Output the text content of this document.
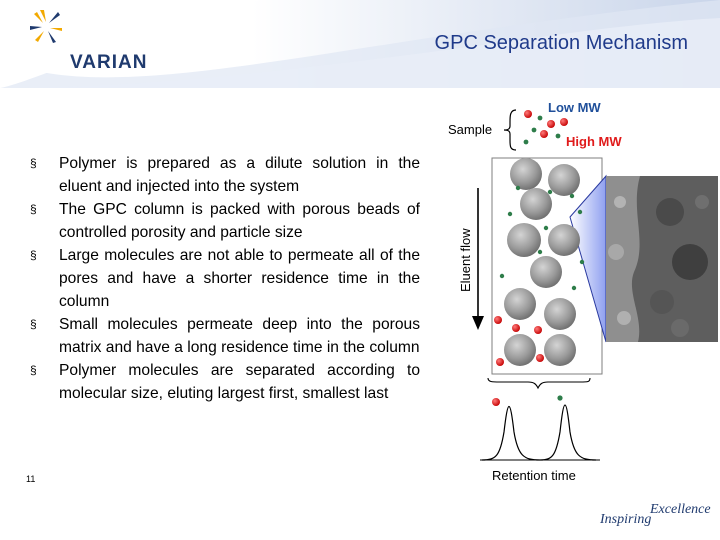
VARIAN
GPC Separation Mechanism
§ Polymer is prepared as a dilute solution in the eluent and injected into the system
§ The GPC column is packed with porous beads of controlled porosity and particle size
§ Large molecules are not able to permeate all of the pores and have a shorter residence time in the column
§ Small molecules permeate deep into the porous matrix and have a long residence time in the column
§ Polymer molecules are separated according to molecular size, eluting largest first, smallest last
Sample
Low MW
High MW
Eluent flow
Retention time
11
Inspiring
Excellence
